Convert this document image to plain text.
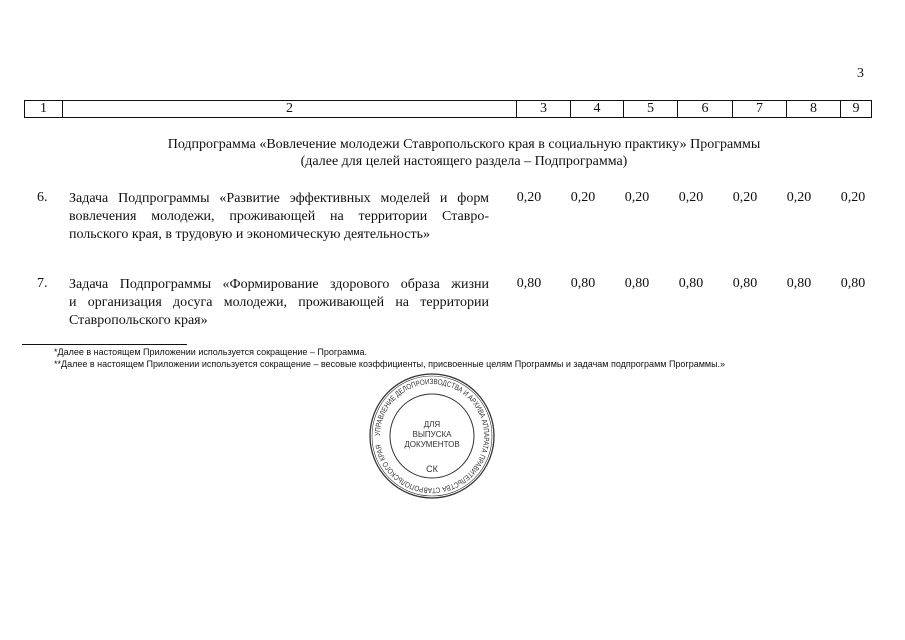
3
1	2	3	4	5	6	7	8	9
Подпрограмма «Вовлечение молодежи Ставропольского края в социальную практику» Программы
(далее для целей настоящего раздела – Подпрограмма)
6. Задача Подпрограммы «Развитие эффективных моделей и форм
вовлечения молодежи, проживающей на территории Ставро-
польского края, в трудовую и экономическую деятельность»
0,20	0,20	0,20	0,20	0,20	0,20	0,20
7. Задача Подпрограммы «Формирование здорового образа жизни
и организация досуга молодежи, проживающей на территории
Ставропольского края»
0,80	0,80	0,80	0,80	0,80	0,80	0,80
*Далее в настоящем Приложении используется сокращение – Программа.
**Далее в настоящем Приложении используется сокращение – весовые коэффициенты, присвоенные целям Программы и задачам подпрограмм Программы.»
УПРАВЛЕНИЕ ДЕЛОПРОИЗВОДСТВА И АРХИВА АППАРАТА ПРАВИТЕЛЬСТВА СТАВРОПОЛЬСКОГО КРАЯ
ДЛЯ
ВЫПУСКА
ДОКУМЕНТОВ
СК
